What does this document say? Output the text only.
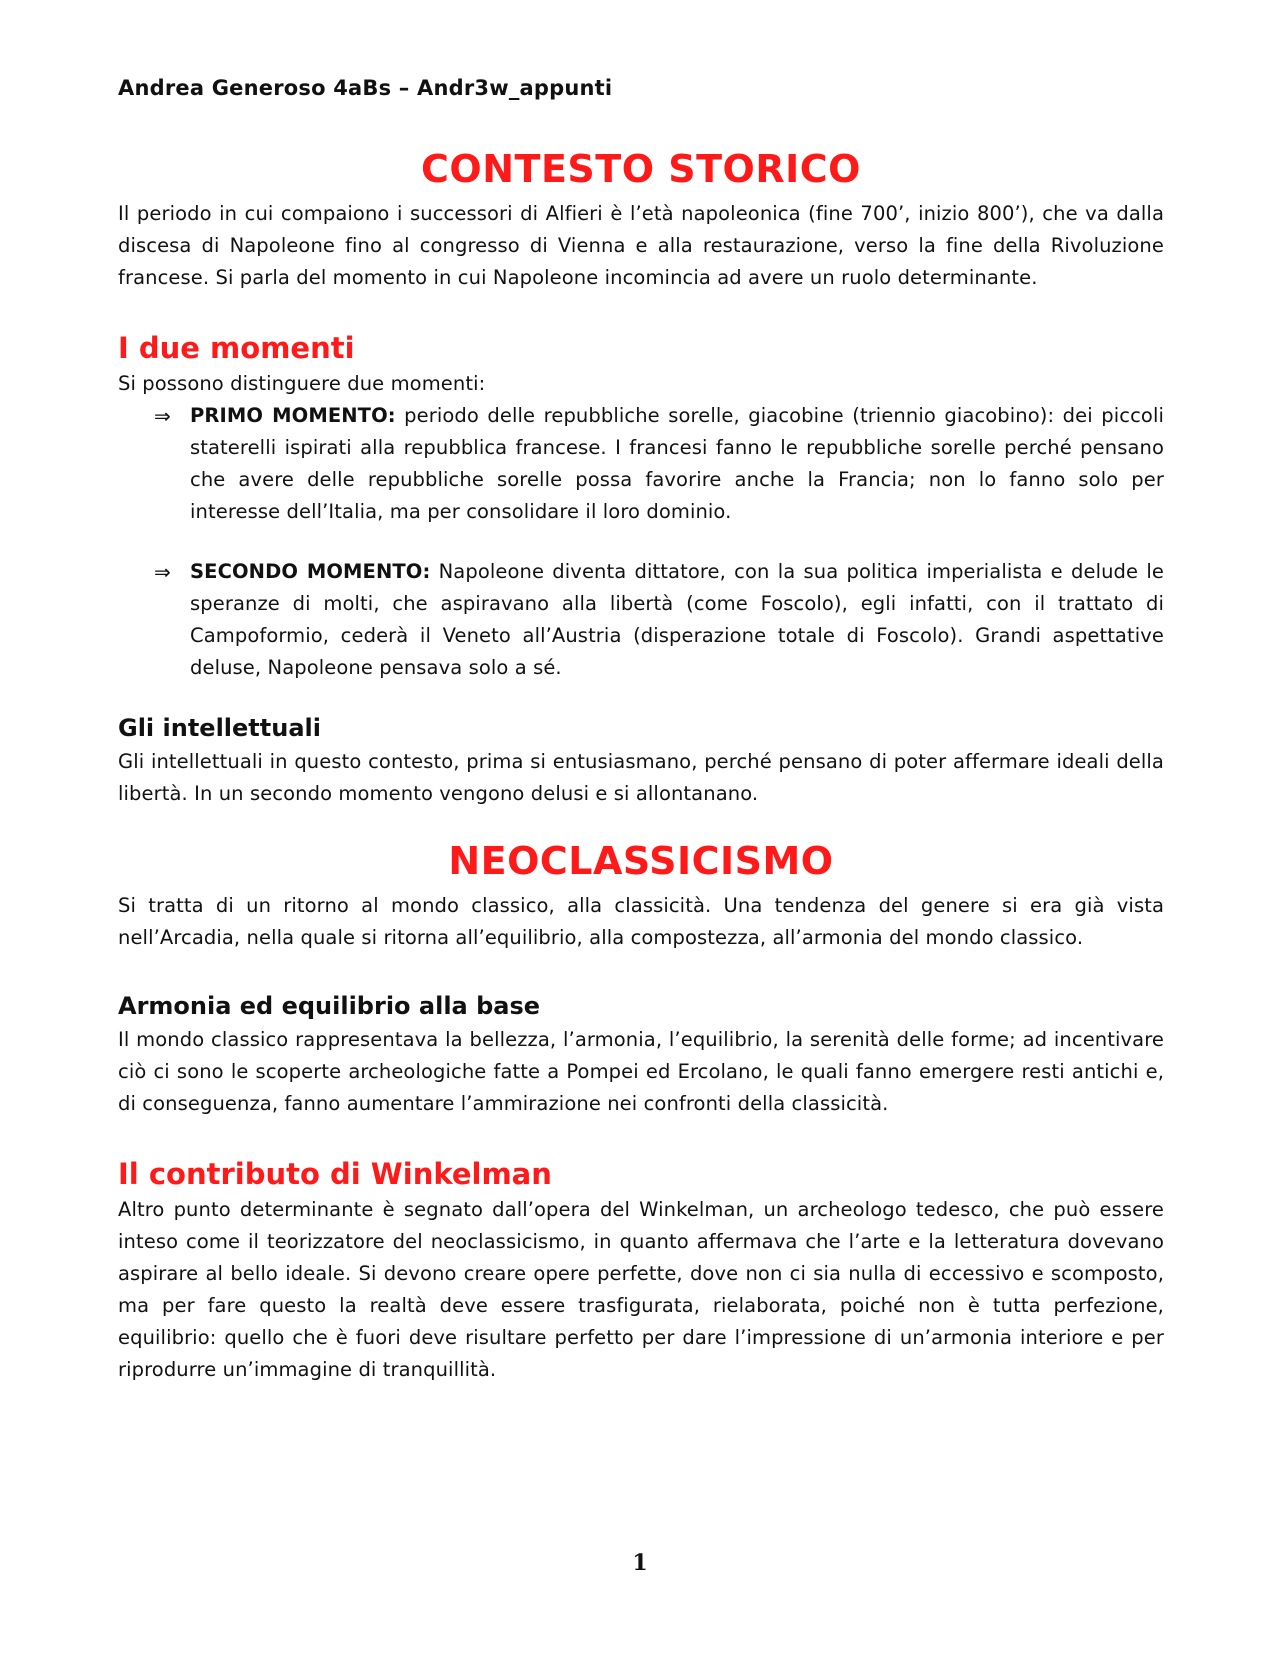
Andrea Generoso 4aBs – Andr3w_appunti
CONTESTO STORICO

Il periodo in cui compaiono i successori di Alfieri è l’età napoleonica (fine 700’, inizio 800’), che va dalla discesa di Napoleone fino al congresso di Vienna e alla restaurazione, verso la fine della Rivoluzione francese. Si parla del momento in cui Napoleone incomincia ad avere un ruolo determinante.

I due momenti

Si possono distinguere due momenti:

⇒ PRIMO MOMENTO: periodo delle repubbliche sorelle, giacobine (triennio giacobino): dei piccoli staterelli ispirati alla repubblica francese. I francesi fanno le repubbliche sorelle perché pensano che avere delle repubbliche sorelle possa favorire anche la Francia; non lo fanno solo per interesse dell’Italia, ma per consolidare il loro dominio.

⇒ SECONDO MOMENTO: Napoleone diventa dittatore, con la sua politica imperialista e delude le speranze di molti, che aspiravano alla libertà (come Foscolo), egli infatti, con il trattato di Campoformio, cederà il Veneto all’Austria (disperazione totale di Foscolo). Grandi aspettative deluse, Napoleone pensava solo a sé.

Gli intellettuali

Gli intellettuali in questo contesto, prima si entusiasmano, perché pensano di poter affermare ideali della libertà. In un secondo momento vengono delusi e si allontanano.

NEOCLASSICISMO

Si tratta di un ritorno al mondo classico, alla classicità. Una tendenza del genere si era già vista nell’Arcadia, nella quale si ritorna all’equilibrio, alla compostezza, all’armonia del mondo classico.

Armonia ed equilibrio alla base

Il mondo classico rappresentava la bellezza, l’armonia, l’equilibrio, la serenità delle forme; ad incentivare ciò ci sono le scoperte archeologiche fatte a Pompei ed Ercolano, le quali fanno emergere resti antichi e, di conseguenza, fanno aumentare l’ammirazione nei confronti della classicità.

Il contributo di Winkelman

Altro punto determinante è segnato dall’opera del Winkelman, un archeologo tedesco, che può essere inteso come il teorizzatore del neoclassicismo, in quanto affermava che l’arte e la letteratura dovevano aspirare al bello ideale. Si devono creare opere perfette, dove non ci sia nulla di eccessivo e scomposto, ma per fare questo la realtà deve essere trasfigurata, rielaborata, poiché non è tutta perfezione, equilibrio: quello che è fuori deve risultare perfetto per dare l’impressione di un’armonia interiore e per riprodurre un’immagine di tranquillità.

1
